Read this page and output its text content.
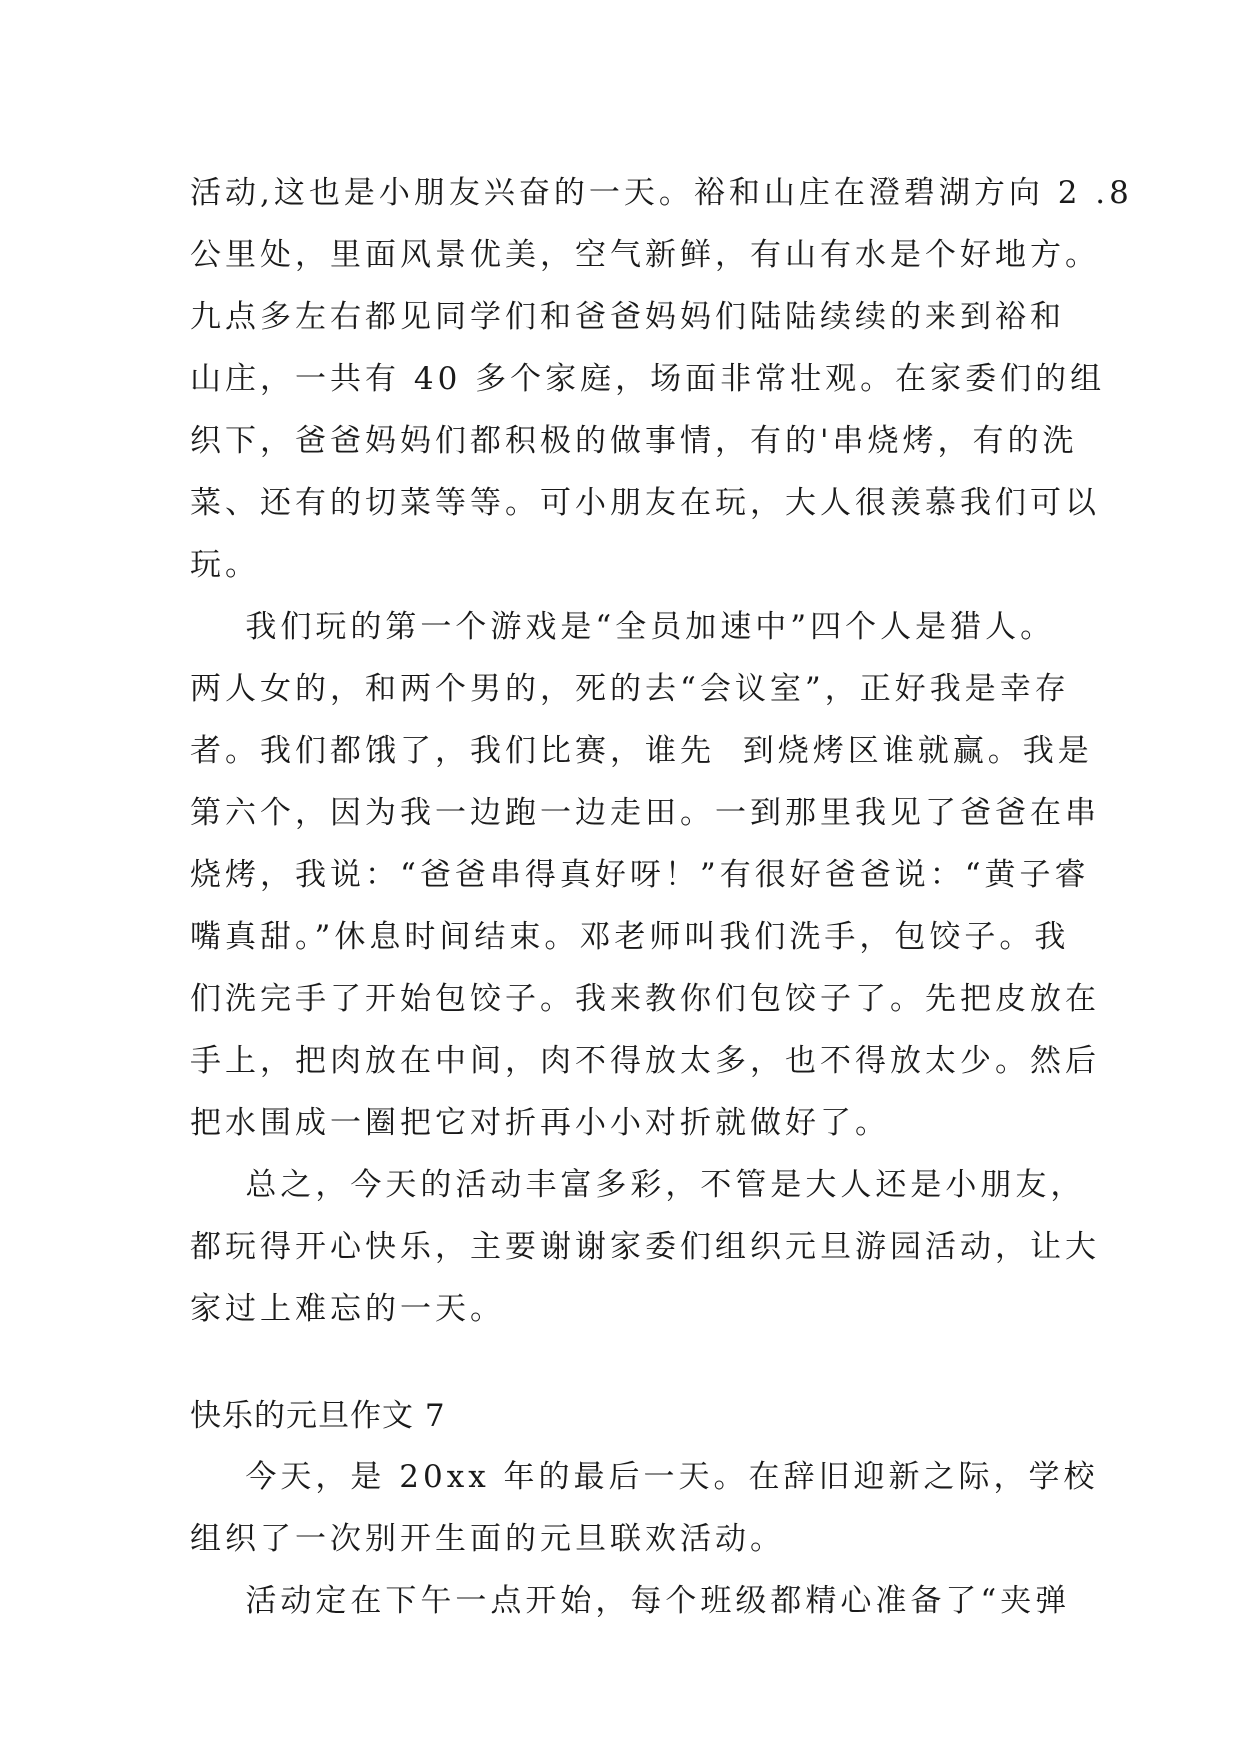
活动,这也是小朋友兴奋的一天。裕和山庄在澄碧湖方向 2 .8
公里处，里面风景优美，空气新鲜，有山有水是个好地方。
九点多左右都见同学们和爸爸妈妈们陆陆续续的来到裕和
山庄，一共有 40 多个家庭，场面非常壮观。在家委们的组
织下，爸爸妈妈们都积极的做事情，有的'串烧烤，有的洗
菜、还有的切菜等等。可小朋友在玩，大人很羡慕我们可以
玩。
我们玩的第一个游戏是“全员加速中”四个人是猎人。
两人女的，和两个男的，死的去“会议室”，正好我是幸存
者。我们都饿了，我们比赛，谁先  到烧烤区谁就赢。我是
第六个，因为我一边跑一边走田。一到那里我见了爸爸在串
烧烤，我说：“爸爸串得真好呀！”有很好爸爸说：“黄子睿
嘴真甜。”休息时间结束。邓老师叫我们洗手，包饺子。我
们洗完手了开始包饺子。我来教你们包饺子了。先把皮放在
手上，把肉放在中间，肉不得放太多，也不得放太少。然后
把水围成一圈把它对折再小小对折就做好了。
总之，今天的活动丰富多彩，不管是大人还是小朋友，
都玩得开心快乐，主要谢谢家委们组织元旦游园活动，让大
家过上难忘的一天。
快乐的元旦作文 7
今天，是 20xx 年的最后一天。在辞旧迎新之际，学校
组织了一次别开生面的元旦联欢活动。
活动定在下午一点开始，每个班级都精心准备了“夹弹
